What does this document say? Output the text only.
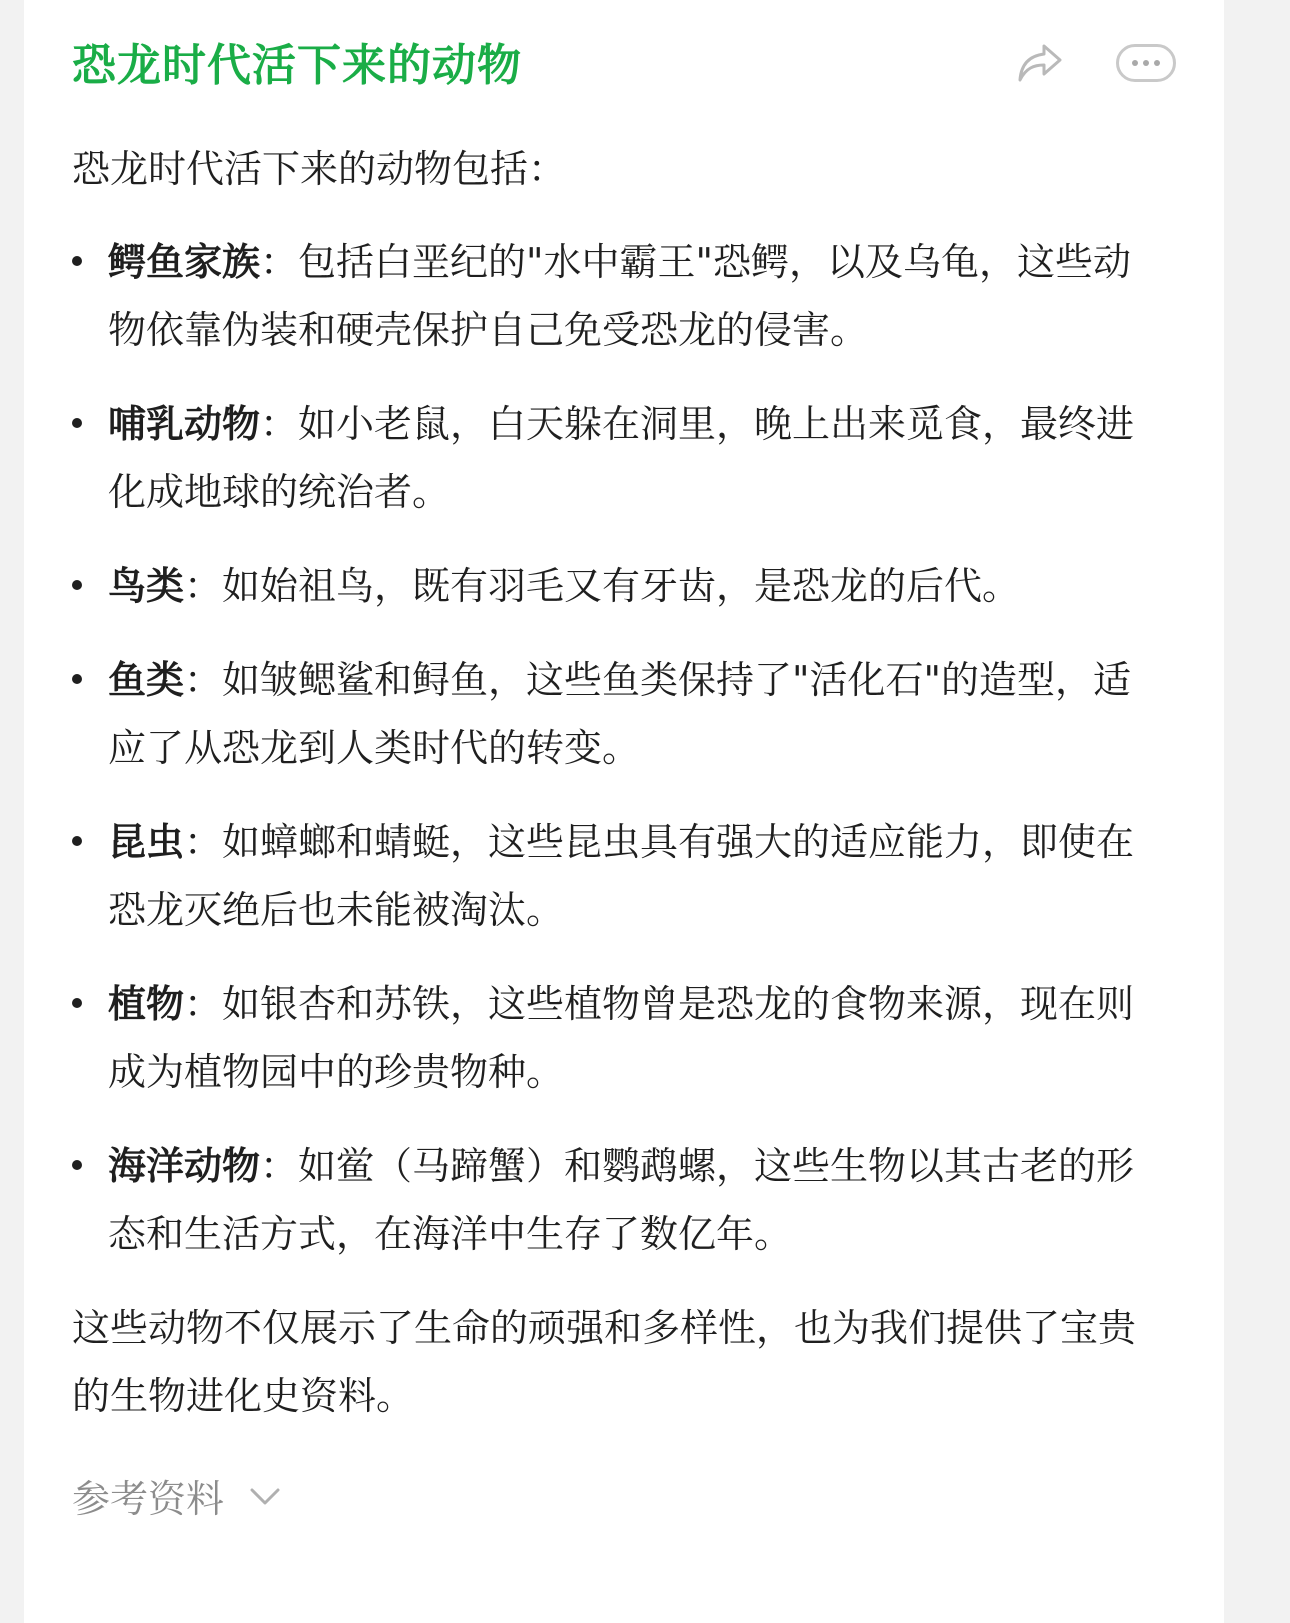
恐龙时代活下来的动物

恐龙时代活下来的动物包括：

鳄鱼家族：包括白垩纪的"水中霸王"恐鳄，以及乌龟，这些动物依靠伪装和硬壳保护自己免受恐龙的侵害。
哺乳动物：如小老鼠，白天躲在洞里，晚上出来觅食，最终进化成地球的统治者。
鸟类：如始祖鸟，既有羽毛又有牙齿，是恐龙的后代。
鱼类：如皱鳃鲨和鲟鱼，这些鱼类保持了"活化石"的造型，适应了从恐龙到人类时代的转变。
昆虫：如蟑螂和蜻蜓，这些昆虫具有强大的适应能力，即使在恐龙灭绝后也未能被淘汰。
植物：如银杏和苏铁，这些植物曾是恐龙的食物来源，现在则成为植物园中的珍贵物种。
海洋动物：如鲎（马蹄蟹）和鹦鹉螺，这些生物以其古老的形态和生活方式，在海洋中生存了数亿年。

这些动物不仅展示了生命的顽强和多样性，也为我们提供了宝贵的生物进化史资料。

参考资料
